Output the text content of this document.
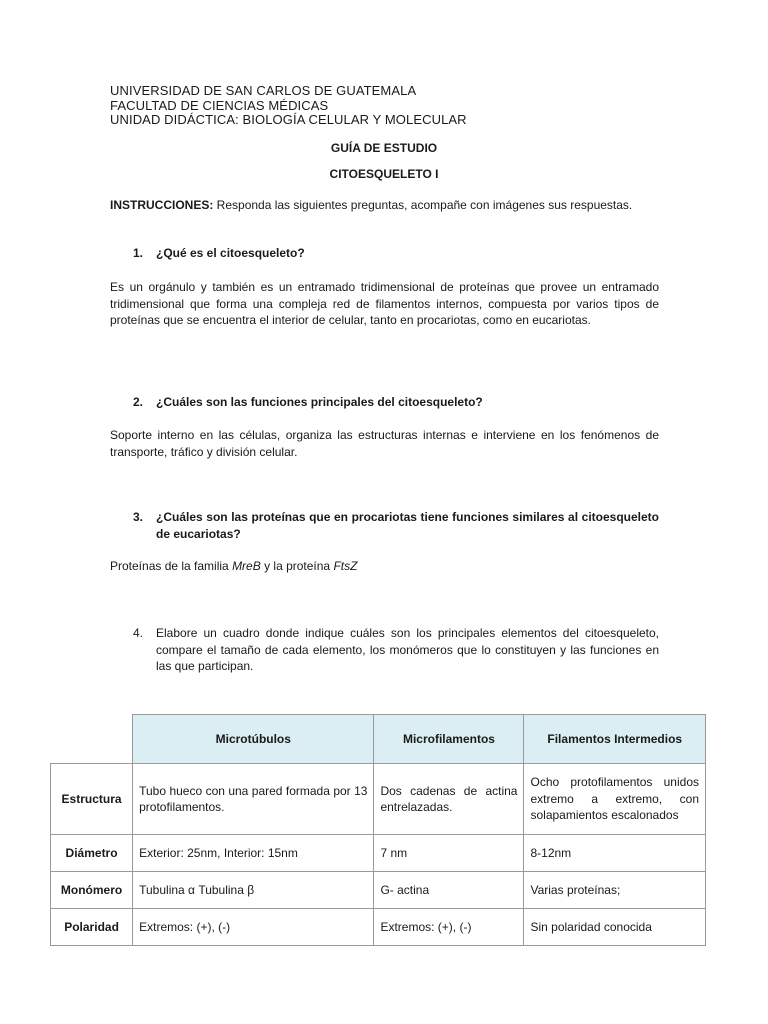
UNIVERSIDAD DE SAN CARLOS DE GUATEMALA
FACULTAD DE CIENCIAS MÉDICAS
UNIDAD DIDÁCTICA: BIOLOGÍA CELULAR Y MOLECULAR
GUÍA DE ESTUDIO
CITOESQUELETO I
INSTRUCCIONES: Responda las siguientes preguntas, acompañe con imágenes sus respuestas.
1.	¿Qué es el citoesqueleto?
Es un orgánulo y también es un entramado tridimensional de proteínas que provee un entramado tridimensional que forma una compleja red de filamentos internos, compuesta por varios tipos de proteínas que se encuentra el interior de celular, tanto en procariotas, como en eucariotas.
2.	¿Cuáles son las funciones principales del citoesqueleto?
Soporte interno en las células, organiza las estructuras internas e interviene en los fenómenos de transporte, tráfico y división celular.
3.	¿Cuáles son las proteínas que en procariotas tiene funciones similares al citoesqueleto de eucariotas?
Proteínas de la familia MreB y la proteína FtsZ
4.	Elabore un cuadro donde indique cuáles son los principales elementos del citoesqueleto, compare el tamaño de cada elemento, los monómeros que lo constituyen y las funciones en las que participan.
	Microtúbulos	Microfilamentos	Filamentos Intermedios
Estructura	Tubo hueco con una pared formada por 13 protofilamentos.	Dos cadenas de actina entrelazadas.	Ocho protofilamentos unidos extremo a extremo, con solapamientos escalonados
Diámetro	Exterior: 25nm, Interior: 15nm	7 nm	8-12nm
Monómero	Tubulina α Tubulina β	G- actina	Varias proteínas;
Polaridad	Extremos: (+), (-)	Extremos: (+), (-)	Sin polaridad conocida
